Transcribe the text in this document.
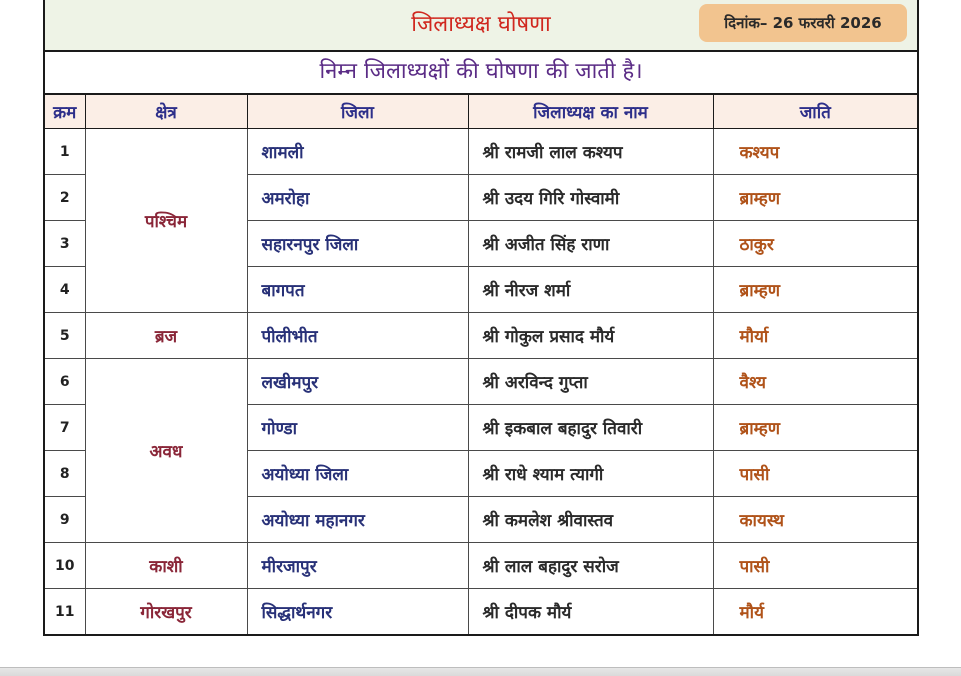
जिलाध्यक्ष घोषणा	दिनांक– 26 फरवरी 2026
निम्न जिलाध्यक्षों की घोषणा की जाती है।
क्रम	क्षेत्र	जिला	जिलाध्यक्ष का नाम	जाति
1	पश्चिम	शामली	श्री रामजी लाल कश्यप	कश्यप
2		अमरोहा	श्री उदय गिरि गोस्वामी	ब्राम्हण
3		सहारनपुर जिला	श्री अजीत सिंह राणा	ठाकुर
4		बागपत	श्री नीरज शर्मा	ब्राम्हण
5	ब्रज	पीलीभीत	श्री गोकुल प्रसाद मौर्य	मौर्या
6	अवध	लखीमपुर	श्री अरविन्द गुप्ता	वैश्य
7		गोण्डा	श्री इकबाल बहादुर तिवारी	ब्राम्हण
8		अयोध्या जिला	श्री राधे श्याम त्यागी	पासी
9		अयोध्या महानगर	श्री कमलेश श्रीवास्तव	कायस्थ
10	काशी	मीरजापुर	श्री लाल बहादुर सरोज	पासी
11	गोरखपुर	सिद्धार्थनगर	श्री दीपक मौर्य	मौर्य
